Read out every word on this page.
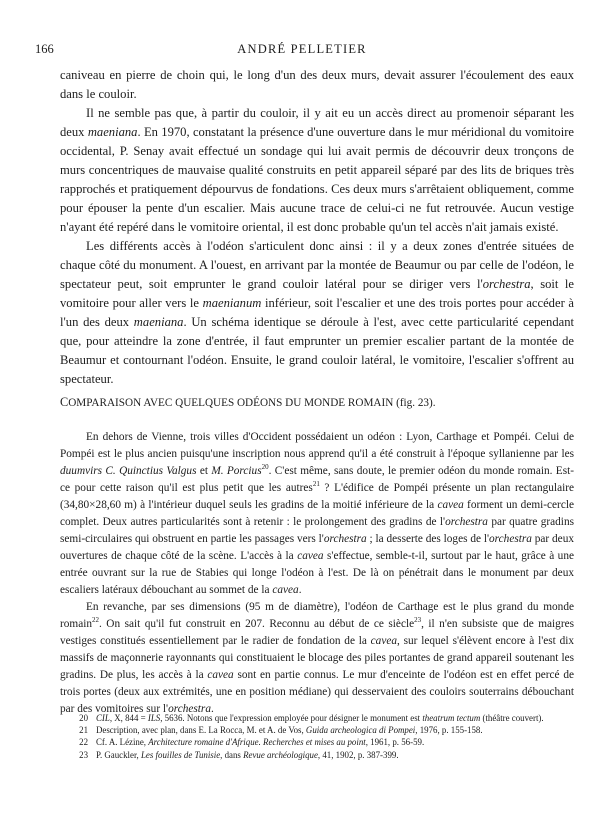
166	ANDRÉ PELLETIER

caniveau en pierre de choin qui, le long d'un des deux murs, devait assurer l'écoulement des eaux dans le couloir.

Il ne semble pas que, à partir du couloir, il y ait eu un accès direct au promenoir séparant les deux maeniana. En 1970, constatant la présence d'une ouverture dans le mur méridional du vomitoire occidental, P. Senay avait effectué un sondage qui lui avait permis de découvrir deux tronçons de murs concentriques de mauvaise qualité construits en petit appareil séparé par des lits de briques très rapprochés et pratiquement dépourvus de fondations. Ces deux murs s'arrêtaient obliquement, comme pour épouser la pente d'un escalier. Mais aucune trace de celui-ci ne fut retrouvée. Aucun vestige n'ayant été repéré dans le vomitoire oriental, il est donc probable qu'un tel accès n'ait jamais existé.

Les différents accès à l'odéon s'articulent donc ainsi : il y a deux zones d'entrée situées de chaque côté du monument. A l'ouest, en arrivant par la montée de Beaumur ou par celle de l'odéon, le spectateur peut, soit emprunter le grand couloir latéral pour se diriger vers l'orchestra, soit le vomitoire pour aller vers le maenianum inférieur, soit l'escalier et une des trois portes pour accéder à l'un des deux maeniana. Un schéma identique se déroule à l'est, avec cette particularité cependant que, pour atteindre la zone d'entrée, il faut emprunter un premier escalier partant de la montée de Beaumur et contournant l'odéon. Ensuite, le grand couloir latéral, le vomitoire, l'escalier s'offrent au spectateur.

COMPARAISON AVEC QUELQUES ODÉONS DU MONDE ROMAIN (fig. 23).

En dehors de Vienne, trois villes d'Occident possédaient un odéon : Lyon, Carthage et Pompéi. Celui de Pompéi est le plus ancien puisqu'une inscription nous apprend qu'il a été construit à l'époque syllanienne par les duumvirs C. Quinctius Valgus et M. Porcius$^{20}$. C'est même, sans doute, le premier odéon du monde romain. Est-ce pour cette raison qu'il est plus petit que les autres$^{21}$ ? L'édifice de Pompéi présente un plan rectangulaire (34,80×28,60 m) à l'intérieur duquel seuls les gradins de la moitié inférieure de la cavea forment un demi-cercle complet. Deux autres particularités sont à retenir : le prolongement des gradins de l'orchestra par quatre gradins semi-circulaires qui obstruent en partie les passages vers l'orchestra ; la desserte des loges de l'orchestra par deux ouvertures de chaque côté de la scène. L'accès à la cavea s'effectue, semble-t-il, surtout par le haut, grâce à une entrée ouvrant sur la rue de Stabies qui longe l'odéon à l'est. De là on pénétrait dans le monument par deux escaliers latéraux débouchant au sommet de la cavea.

En revanche, par ses dimensions (95 m de diamètre), l'odéon de Carthage est le plus grand du monde romain$^{22}$. On sait qu'il fut construit en 207. Reconnu au début de ce siècle$^{23}$, il n'en subsiste que de maigres vestiges constitués essentiellement par le radier de fondation de la cavea, sur lequel s'élèvent encore à l'est dix massifs de maçonnerie rayonnants qui constituaient le blocage des piles portantes de grand appareil soutenant les gradins. De plus, les accès à la cavea sont en partie connus. Le mur d'enceinte de l'odéon est en effet percé de trois portes (deux aux extrémités, une en position médiane) qui desservaient des couloirs souterrains débouchant par des vomitoires sur l'orchestra.

20 CIL, X, 844 = ILS, 5636. Notons que l'expression employée pour désigner le monument est theatrum tectum (théâtre couvert).
21 Description, avec plan, dans E. La Rocca, M. et A. de Vos, Guida archeologica di Pompei, 1976, p. 155-158.
22 Cf. A. Lézine, Architecture romaine d'Afrique. Recherches et mises au point, 1961, p. 56-59.
23 P. Gauckler, Les fouilles de Tunisie, dans Revue archéologique, 41, 1902, p. 387-399.
